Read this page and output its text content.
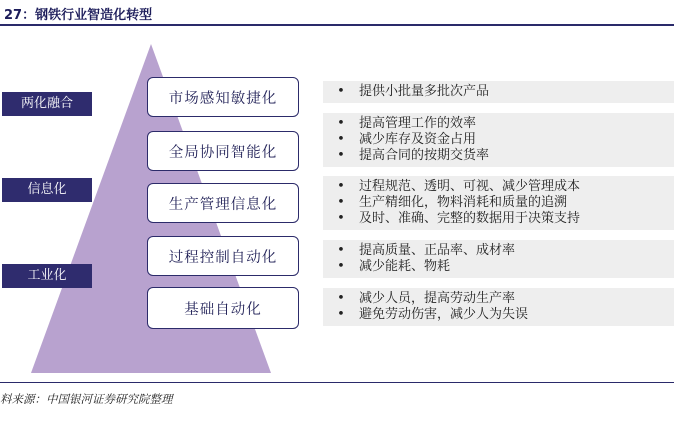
27：钢铁行业智造化转型
两化融合
信息化
工业化
市场感知敏捷化	•	提供小批量多批次产品
全局协同智能化
•	提高管理工作的效率
•	减少库存及资金占用
•	提高合同的按期交货率
生产管理信息化
•	过程规范、透明、可视、减少管理成本
•	生产精细化，物料消耗和质量的追溯
•	及时、准确、完整的数据用于决策支持
过程控制自动化	•	提高质量、正品率、成材率
•	减少能耗、物耗
基础自动化
•	减少人员，提高劳动生产率
•	避免劳动伤害，减少人为失误
料来源：中国银河证券研究院整理
